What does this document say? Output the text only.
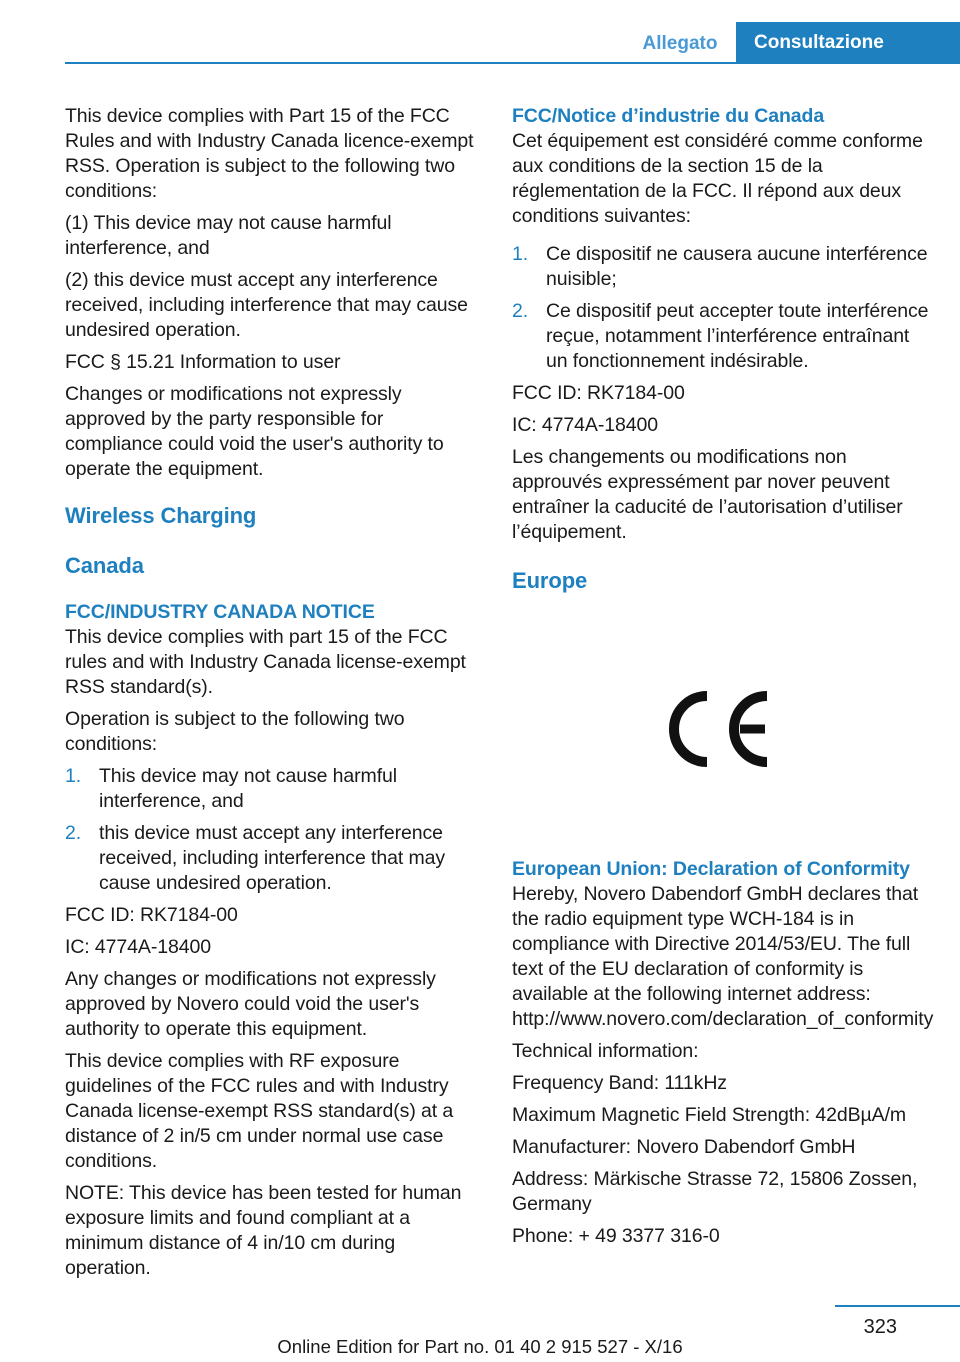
Allegato	Consultazione

This device complies with Part 15 of the FCC Rules and with Industry Canada licence-exempt RSS. Operation is subject to the following two conditions:

(1) This device may not cause harmful interference, and

(2) this device must accept any interference received, including interference that may cause undesired operation.

FCC § 15.21 Information to user

Changes or modifications not expressly approved by the party responsible for compliance could void the user's authority to operate the equipment.

Wireless Charging
Canada
FCC/INDUSTRY CANADA NOTICE

This device complies with part 15 of the FCC rules and with Industry Canada license-exempt RSS standard(s).

Operation is subject to the following two conditions:

1. This device may not cause harmful interference, and
2. this device must accept any interference received, including interference that may cause undesired operation.

FCC ID: RK7184-00

IC: 4774A-18400

Any changes or modifications not expressly approved by Novero could void the user's authority to operate this equipment.

This device complies with RF exposure guidelines of the FCC rules and with Industry Canada license-exempt RSS standard(s) at a distance of 2 in/5 cm under normal use case conditions.

NOTE: This device has been tested for human exposure limits and found compliant at a minimum distance of 4 in/10 cm during operation.

FCC/Notice d’industrie du Canada

Cet équipement est considéré comme conforme aux conditions de la section 15 de la réglementation de la FCC. Il répond aux deux conditions suivantes:

1. Ce dispositif ne causera aucune interférence nuisible;
2. Ce dispositif peut accepter toute interférence reçue, notamment l’interférence entraînant un fonctionnement indésirable.

FCC ID: RK7184-00

IC: 4774A-18400

Les changements ou modifications non approuvés expressément par nover peuvent entraîner la caducité de l’autorisation d’utiliser l’équipement.

Europe
European Union: Declaration of Conformity

Hereby, Novero Dabendorf GmbH declares that the radio equipment type WCH-184 is in compliance with Directive 2014/53/EU. The full text of the EU declaration of conformity is available at the following internet address: http://www.novero.com/declaration_of_conformity

Technical information:

Frequency Band: 111kHz

Maximum Magnetic Field Strength: 42dBµA/m

Manufacturer: Novero Dabendorf GmbH

Address: Märkische Strasse 72, 15806 Zossen, Germany

Phone: + 49 3377 316-0

323
Online Edition for Part no. 01 40 2 915 527 - X/16
